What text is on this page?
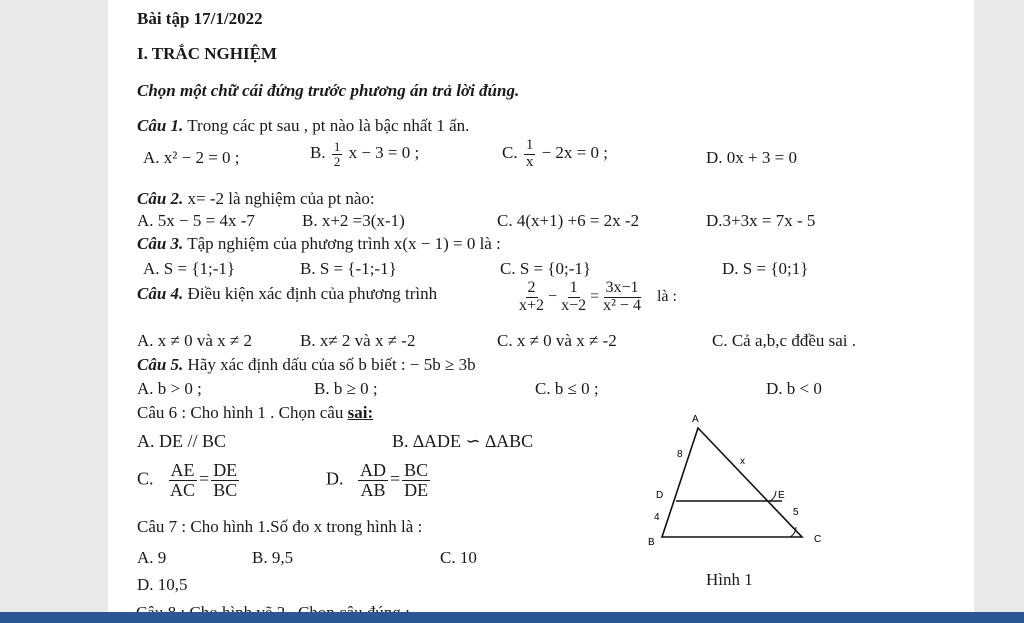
Bài tập 17/1/2022
I. TRẮC NGHIỆM
Chọn một chữ cái đứng trước phương án trả lời đúng.
Câu 1. Trong các pt sau , pt nào là bậc nhất 1 ẩn.
A. x² − 2 = 0 ;	B. $\frac{1}{2}$ x − 3 = 0 ;	C. $\frac{1}{x} - 2x = 0$ ;	D. 0x + 3 = 0
Câu 2. x= -2 là nghiệm của pt nào:
A. 5x − 5 = 4x -7	B. x+2 =3(x-1)	C. 4(x+1) +6 = 2x -2	D.3+3x = 7x - 5
Câu 3. Tập nghiệm của phương trình x(x − 1) = 0 là :
A. S = {1;-1}	B. S = {-1;-1}	C. S = {0;-1}	D. S = {0;1}
Câu 4. Điều kiện xác định của phương trình	$\frac{2}{x+2} - \frac{1}{x-2} = \frac{3x-1}{\text{x² − 4}}$ là :
A. x ≠ 0 và x ≠ 2	B. x≠ 2 và x ≠ -2	C. x ≠ 0 và x ≠ -2	C. Cả a,b,c đđều sai .
Câu 5. Hãy xác định dấu của số b biết : − 5b ≥ 3b
A. b > 0 ;	B. b ≥ 0 ;	C. b ≤ 0 ;	D. b < 0
Câu 6 : Cho hình 1 . Chọn câu sai:
A. DE // BC	B. ∆ADE ∽ ∆ABC
C. $\frac{AE}{AC} = \frac{DE}{BC}$	D. $\frac{AD}{AB} = \frac{BC}{DE}$
Câu 7 : Cho hình 1.Số đo x trong hình là :
A. 9	B. 9,5	C. 10
D. 10,5
A
B	C
D	E
8
x
4	5
Hình 1
